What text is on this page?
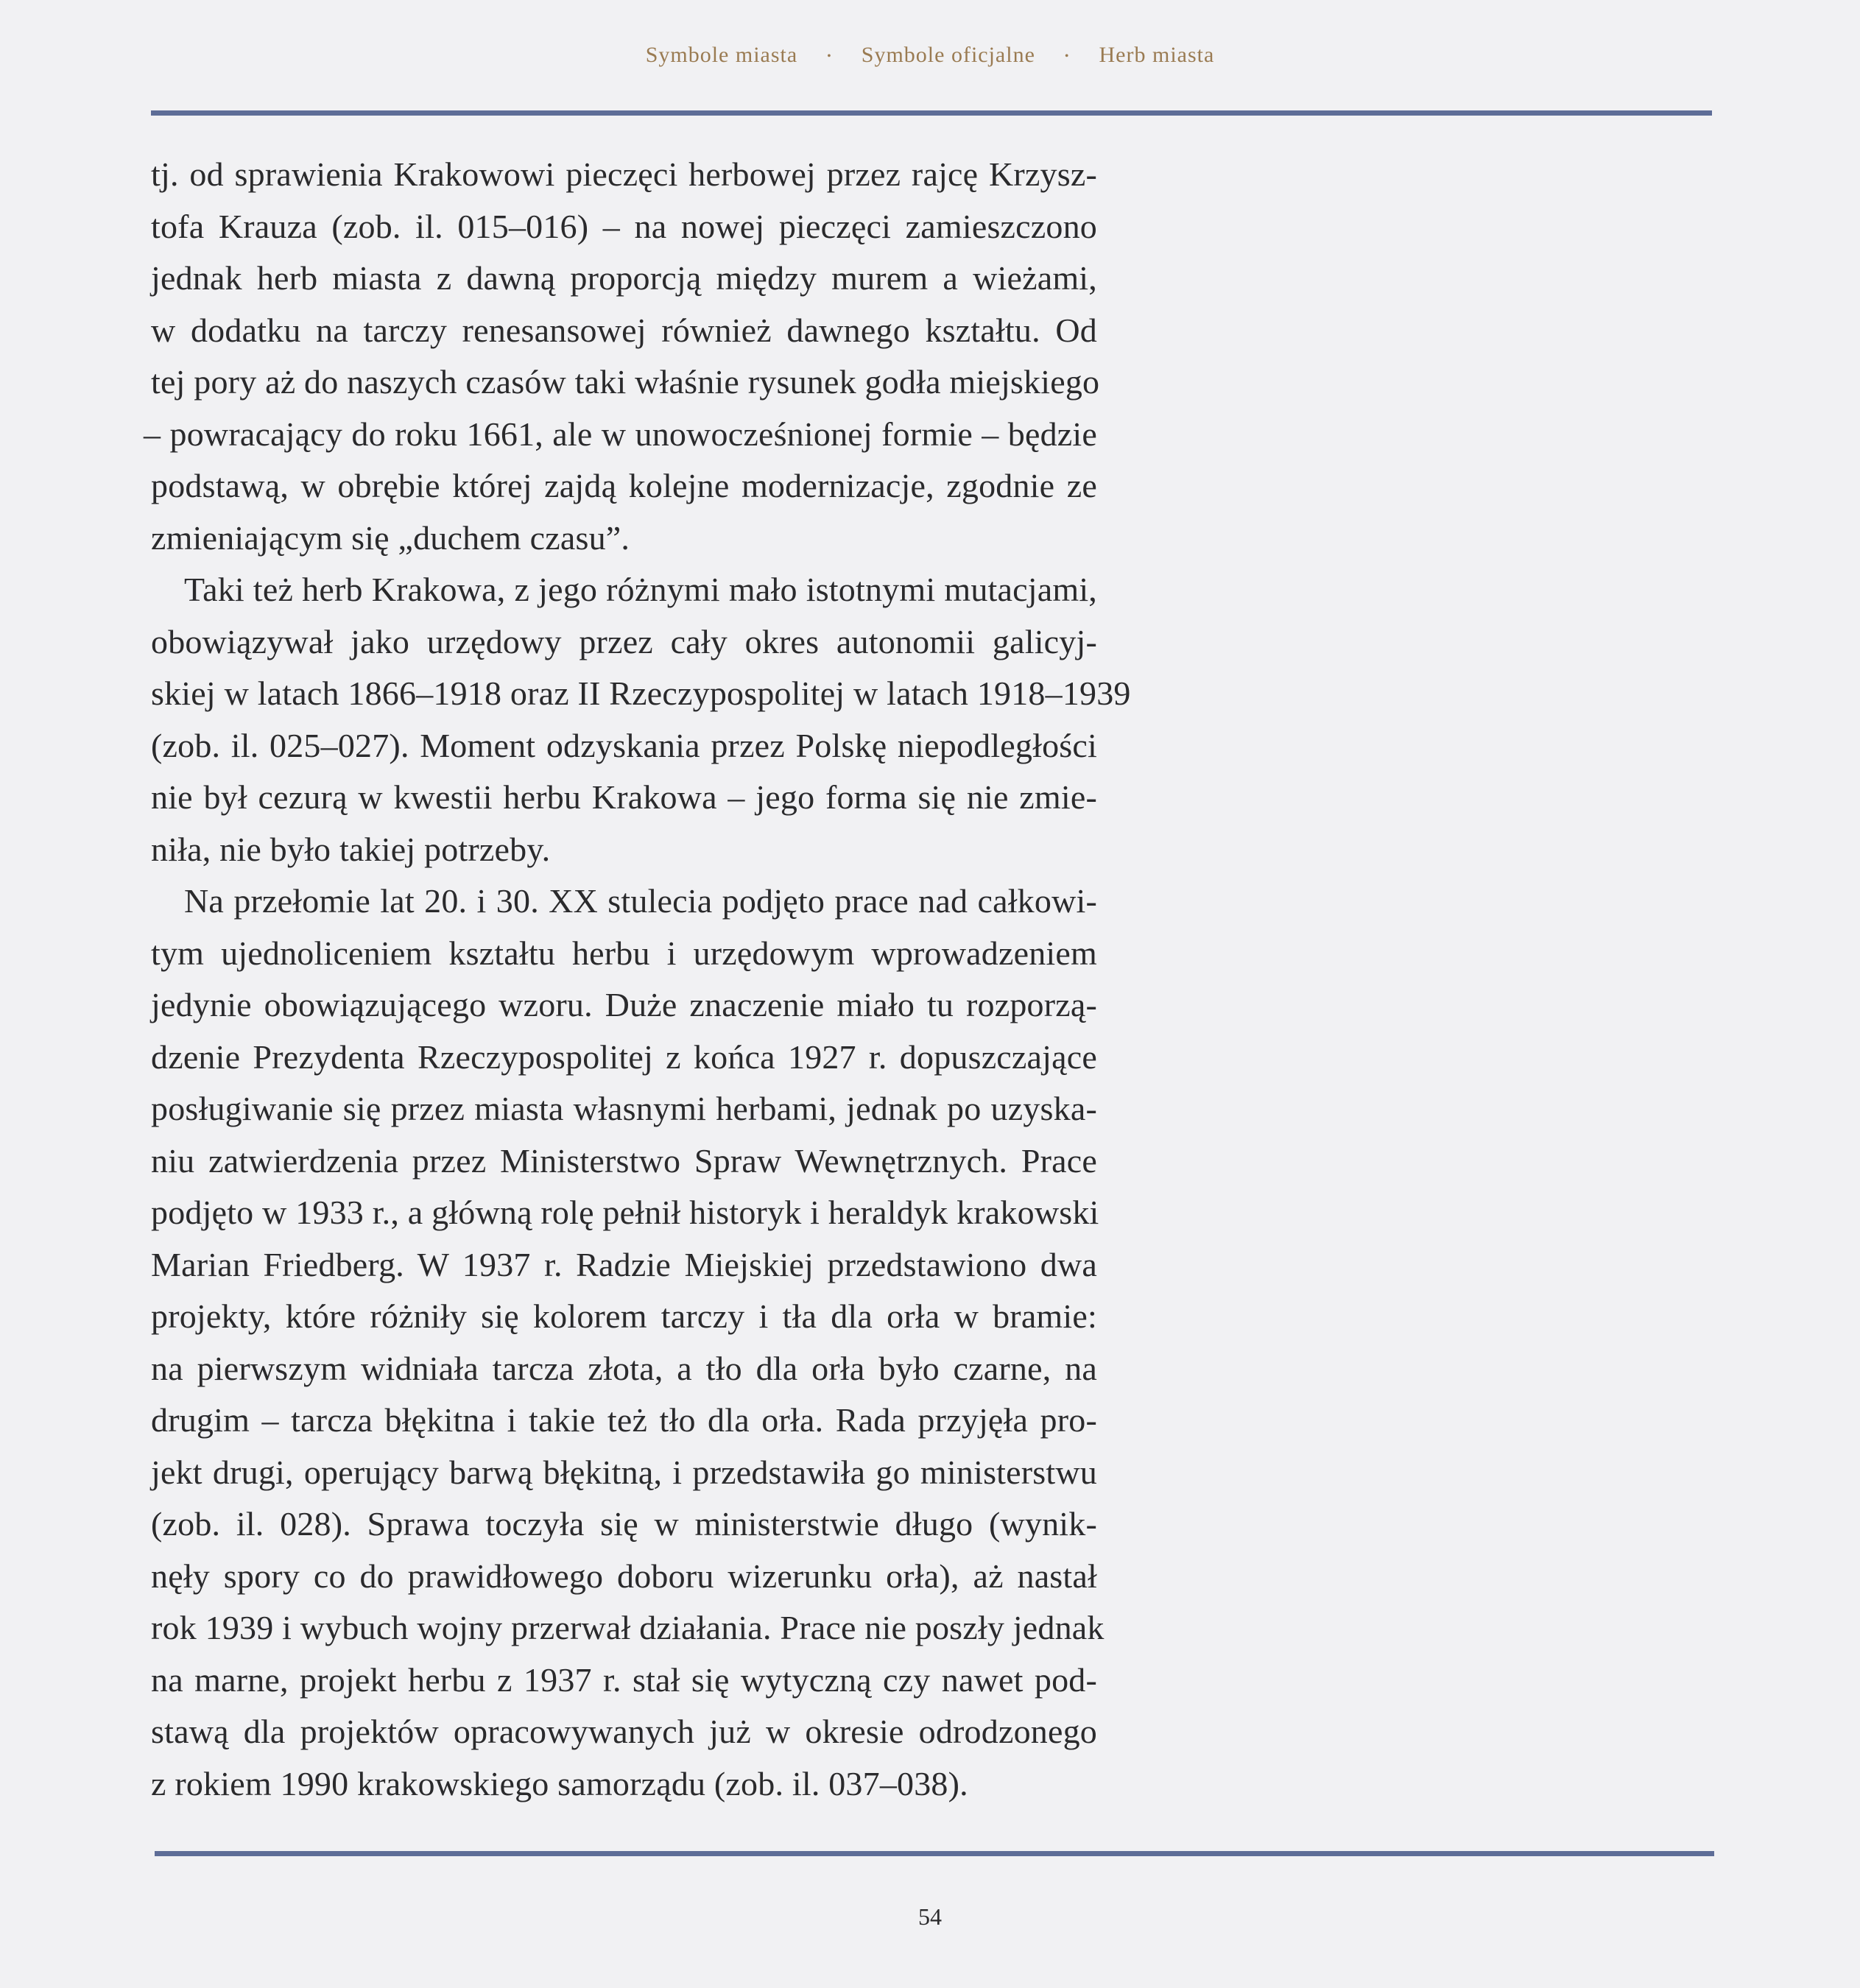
Symbole miasta	• Symbole oficjalne	• Herb miasta
tj. od sprawienia Krakowowi pieczęci herbowej przez rajcę Krzysz-
tofa Krauza (zob. il. 015–016) – na nowej pieczęci zamieszczono
jednak herb miasta z dawną proporcją między murem a wieżami,
w dodatku na tarczy renesansowej również dawnego kształtu. Od
tej pory aż do naszych czasów taki właśnie rysunek godła miejskiego
– powracający do roku 1661, ale w unowocześnionej formie – będzie
podstawą, w obrębie której zajdą kolejne modernizacje, zgodnie ze
zmieniającym się „duchem czasu”.
Taki też herb Krakowa, z jego różnymi mało istotnymi mutacjami,
obowiązywał jako urzędowy przez cały okres autonomii galicyj-
skiej w latach 1866–1918 oraz II Rzeczypospolitej w latach 1918–1939
(zob. il. 025–027). Moment odzyskania przez Polskę niepodległości
nie był cezurą w kwestii herbu Krakowa – jego forma się nie zmie-
niła, nie było takiej potrzeby.
Na przełomie lat 20. i 30. XX stulecia podjęto prace nad całkowi-
tym ujednoliceniem kształtu herbu i urzędowym wprowadzeniem
jedynie obowiązującego wzoru. Duże znaczenie miało tu rozporzą-
dzenie Prezydenta Rzeczypospolitej z końca 1927 r. dopuszczające
posługiwanie się przez miasta własnymi herbami, jednak po uzyska-
niu zatwierdzenia przez Ministerstwo Spraw Wewnętrznych. Prace
podjęto w 1933 r., a główną rolę pełnił historyk i heraldyk krakowski
Marian Friedberg. W 1937 r. Radzie Miejskiej przedstawiono dwa
projekty, które różniły się kolorem tarczy i tła dla orła w bramie:
na pierwszym widniała tarcza złota, a tło dla orła było czarne, na
drugim – tarcza błękitna i takie też tło dla orła. Rada przyjęła pro-
jekt drugi, operujący barwą błękitną, i przedstawiła go ministerstwu
(zob. il. 028). Sprawa toczyła się w ministerstwie długo (wynik-
nęły spory co do prawidłowego doboru wizerunku orła), aż nastał
rok 1939 i wybuch wojny przerwał działania. Prace nie poszły jednak
na marne, projekt herbu z 1937 r. stał się wytyczną czy nawet pod-
stawą dla projektów opracowywanych już w okresie odrodzonego
z rokiem 1990 krakowskiego samorządu (zob. il. 037–038).
54
